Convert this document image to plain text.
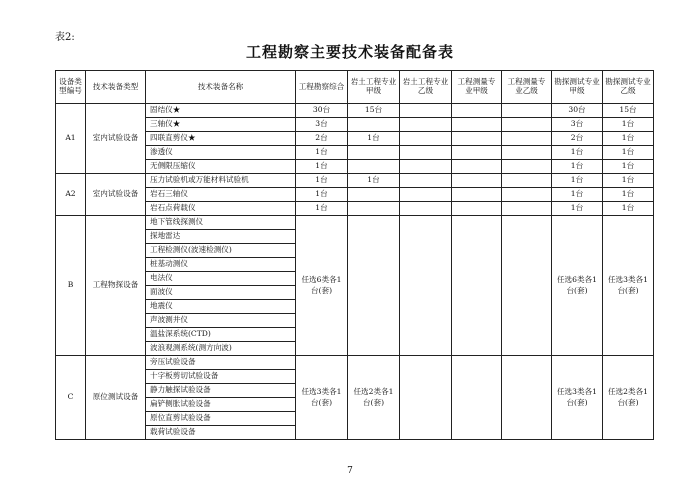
表2:
工程勘察主要技术装备配备表
设备类型编号	技术装备类型	技术装备名称	工程勘察综合	岩土工程专业甲级	岩土工程专业乙级	工程测量专业甲级	工程测量专业乙级	勘探测试专业甲级	勘探测试专业乙级
A1	室内试验设备	固结仪★	30台	15台				30台	15台
		三轴仪★	3台					3台	1台
		四联直剪仪★	2台	1台				2台	1台
		渗透仪	1台					1台	1台
		无侧限压缩仪	1台					1台	1台
A2	室内试验设备	压力试验机或万能材料试验机	1台	1台				1台	1台
		岩石三轴仪	1台					1台	1台
		岩石点荷载仪	1台					1台	1台
B	工程物探设备	地下管线探测仪	任选6类各1台(套)					任选6类各1台(套)	任选3类各1台(套)
		探地雷达							
		工程检测仪(波速检测仪)							
		桩基动测仪							
		电法仪							
		面波仪							
		地震仪							
		声波测井仪							
		温盐深系统(CTD)							
		波浪观测系统(测方向波)							
C	原位测试设备	旁压试验设备	任选3类各1台(套)	任选2类各1台(套)				任选3类各1台(套)	任选2类各1台(套)
		十字板剪切试验设备							
		静力触探试验设备							
		扁铲侧胀试验设备							
		原位直剪试验设备							
		载荷试验设备							
7
